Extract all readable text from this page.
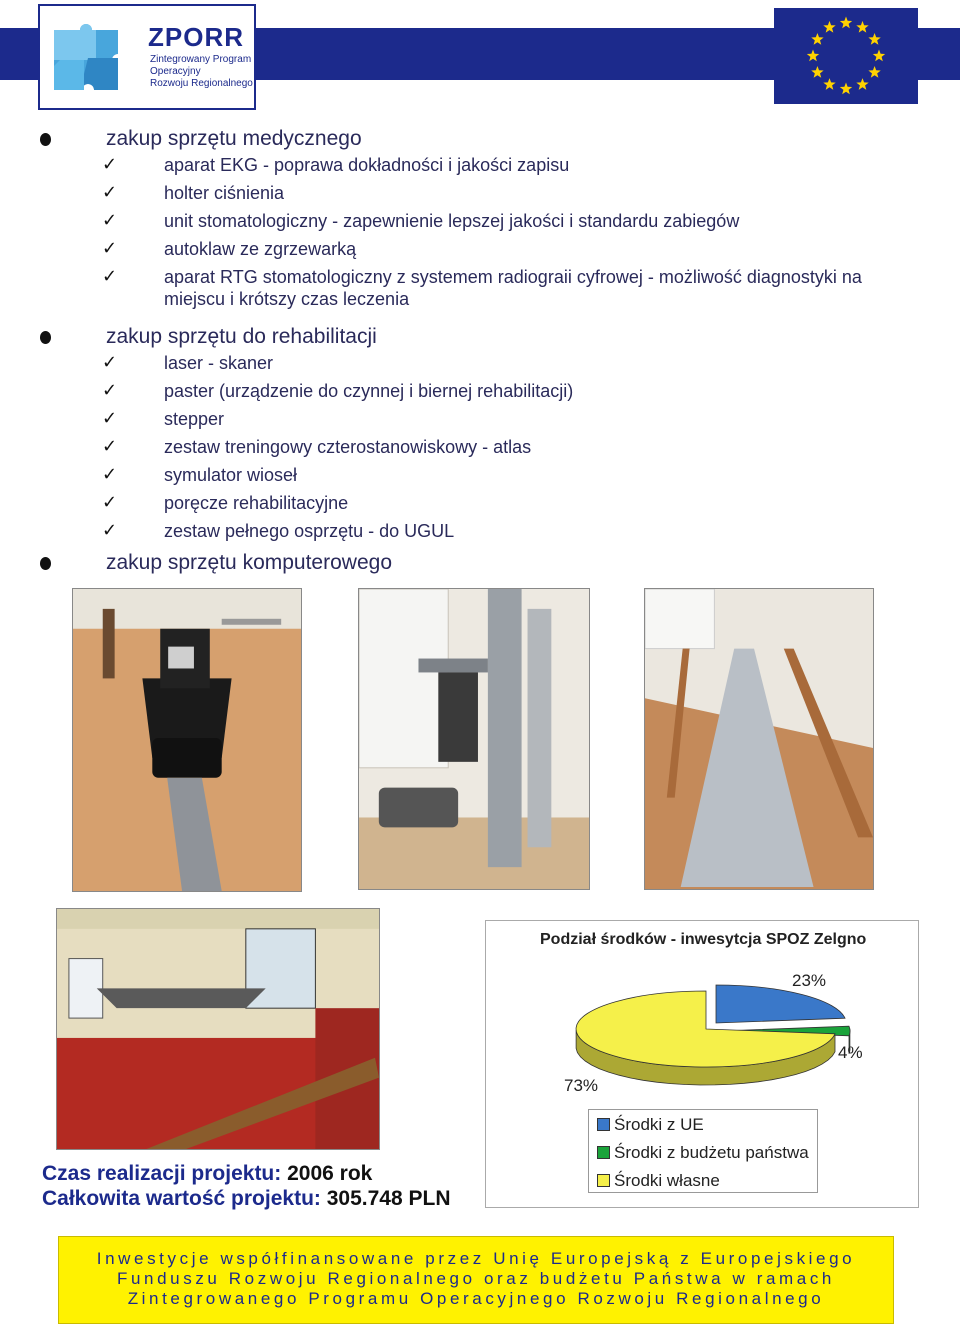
ZPORR
Zintegrowany Program
Operacyjny
Rozwoju Regionalnego
zakup sprzętu medycznego
✓	aparat EKG - poprawa dokładności i jakości zapisu
✓	holter ciśnienia
✓	unit stomatologiczny - zapewnienie lepszej jakości i standardu zabiegów
✓	autoklaw ze zgrzewarką
✓	aparat RTG stomatologiczny z systemem radiograii cyfrowej - możliwość diagnostyki na miejscu i krótszy czas leczenia
zakup sprzętu do rehabilitacji
✓	laser - skaner
✓	paster (urządzenie do czynnej i biernej rehabilitacji)
✓	stepper
✓	zestaw treningowy czterostanowiskowy - atlas
✓	symulator wioseł
✓	poręcze rehabilitacyjne
✓	zestaw pełnego osprzętu - do UGUL
zakup sprzętu komputerowego
Podział środków - inwesytcja SPOZ Zelgno
23%
4%
73%
Środki z UE
Środki z budżetu państwa
Środki własne
Czas realizacji projektu: 2006 rok
Całkowita wartość projektu: 305.748 PLN
Inwestycje współfinansowane przez Unię Europejską z Europejskiego
Funduszu Rozwoju Regionalnego oraz budżetu Państwa w ramach
Zintegrowanego Programu Operacyjnego Rozwoju Regionalnego
